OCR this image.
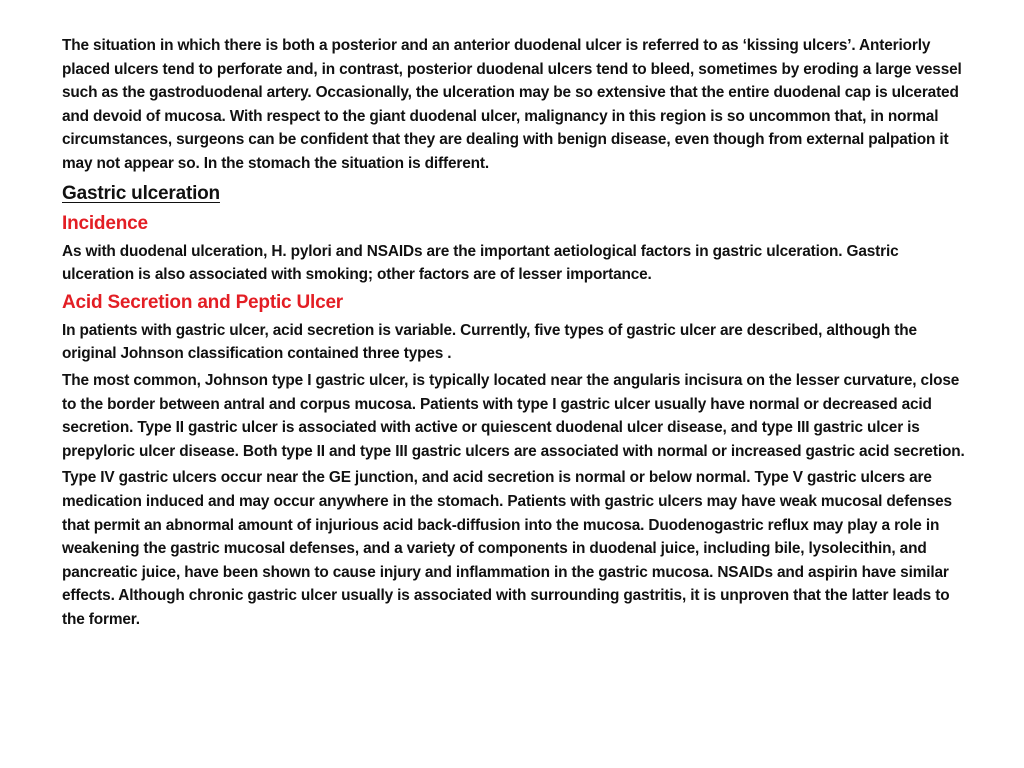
The situation in which there is both a posterior and an anterior duodenal ulcer is referred to as ‘kissing ulcers’. Anteriorly placed ulcers tend to perforate and, in contrast, posterior duodenal ulcers tend to bleed, sometimes by eroding a large vessel such as the gastroduodenal artery. Occasionally, the ulceration may be so extensive that the entire duodenal cap is ulcerated and devoid of mucosa. With respect to the giant duodenal ulcer, malignancy in this region is so uncommon that, in normal circumstances, surgeons can be confident that they are dealing with benign disease, even though from external palpation it may not appear so. In the stomach the situation is different.

Gastric ulceration
Incidence

As with duodenal ulceration, H. pylori and NSAIDs are the important aetiological factors in gastric ulceration. Gastric ulceration is also associated with smoking; other factors are of lesser importance.

Acid Secretion and Peptic Ulcer

In patients with gastric ulcer, acid secretion is variable. Currently, five types of gastric ulcer are described, although the original Johnson classification contained three types .

The most common, Johnson type I gastric ulcer, is typically located near the angularis incisura on the lesser curvature, close to the border between antral and corpus mucosa. Patients with type I gastric ulcer usually have normal or decreased acid secretion. Type II gastric ulcer is associated with active or quiescent duodenal ulcer disease, and type III gastric ulcer is prepyloric ulcer disease. Both type II and type III gastric ulcers are associated with normal or increased gastric acid secretion.

Type IV gastric ulcers occur near the GE junction, and acid secretion is normal or below normal. Type V gastric ulcers are medication induced and may occur anywhere in the stomach. Patients with gastric ulcers may have weak mucosal defenses that permit an abnormal amount of injurious acid back-diffusion into the mucosa. Duodenogastric reflux may play a role in weakening the gastric mucosal defenses, and a variety of components in duodenal juice, including bile, lysolecithin, and pancreatic juice, have been shown to cause injury and inflammation in the gastric mucosa. NSAIDs and aspirin have similar effects. Although chronic gastric ulcer usually is associated with surrounding gastritis, it is unproven that the latter leads to the former.
